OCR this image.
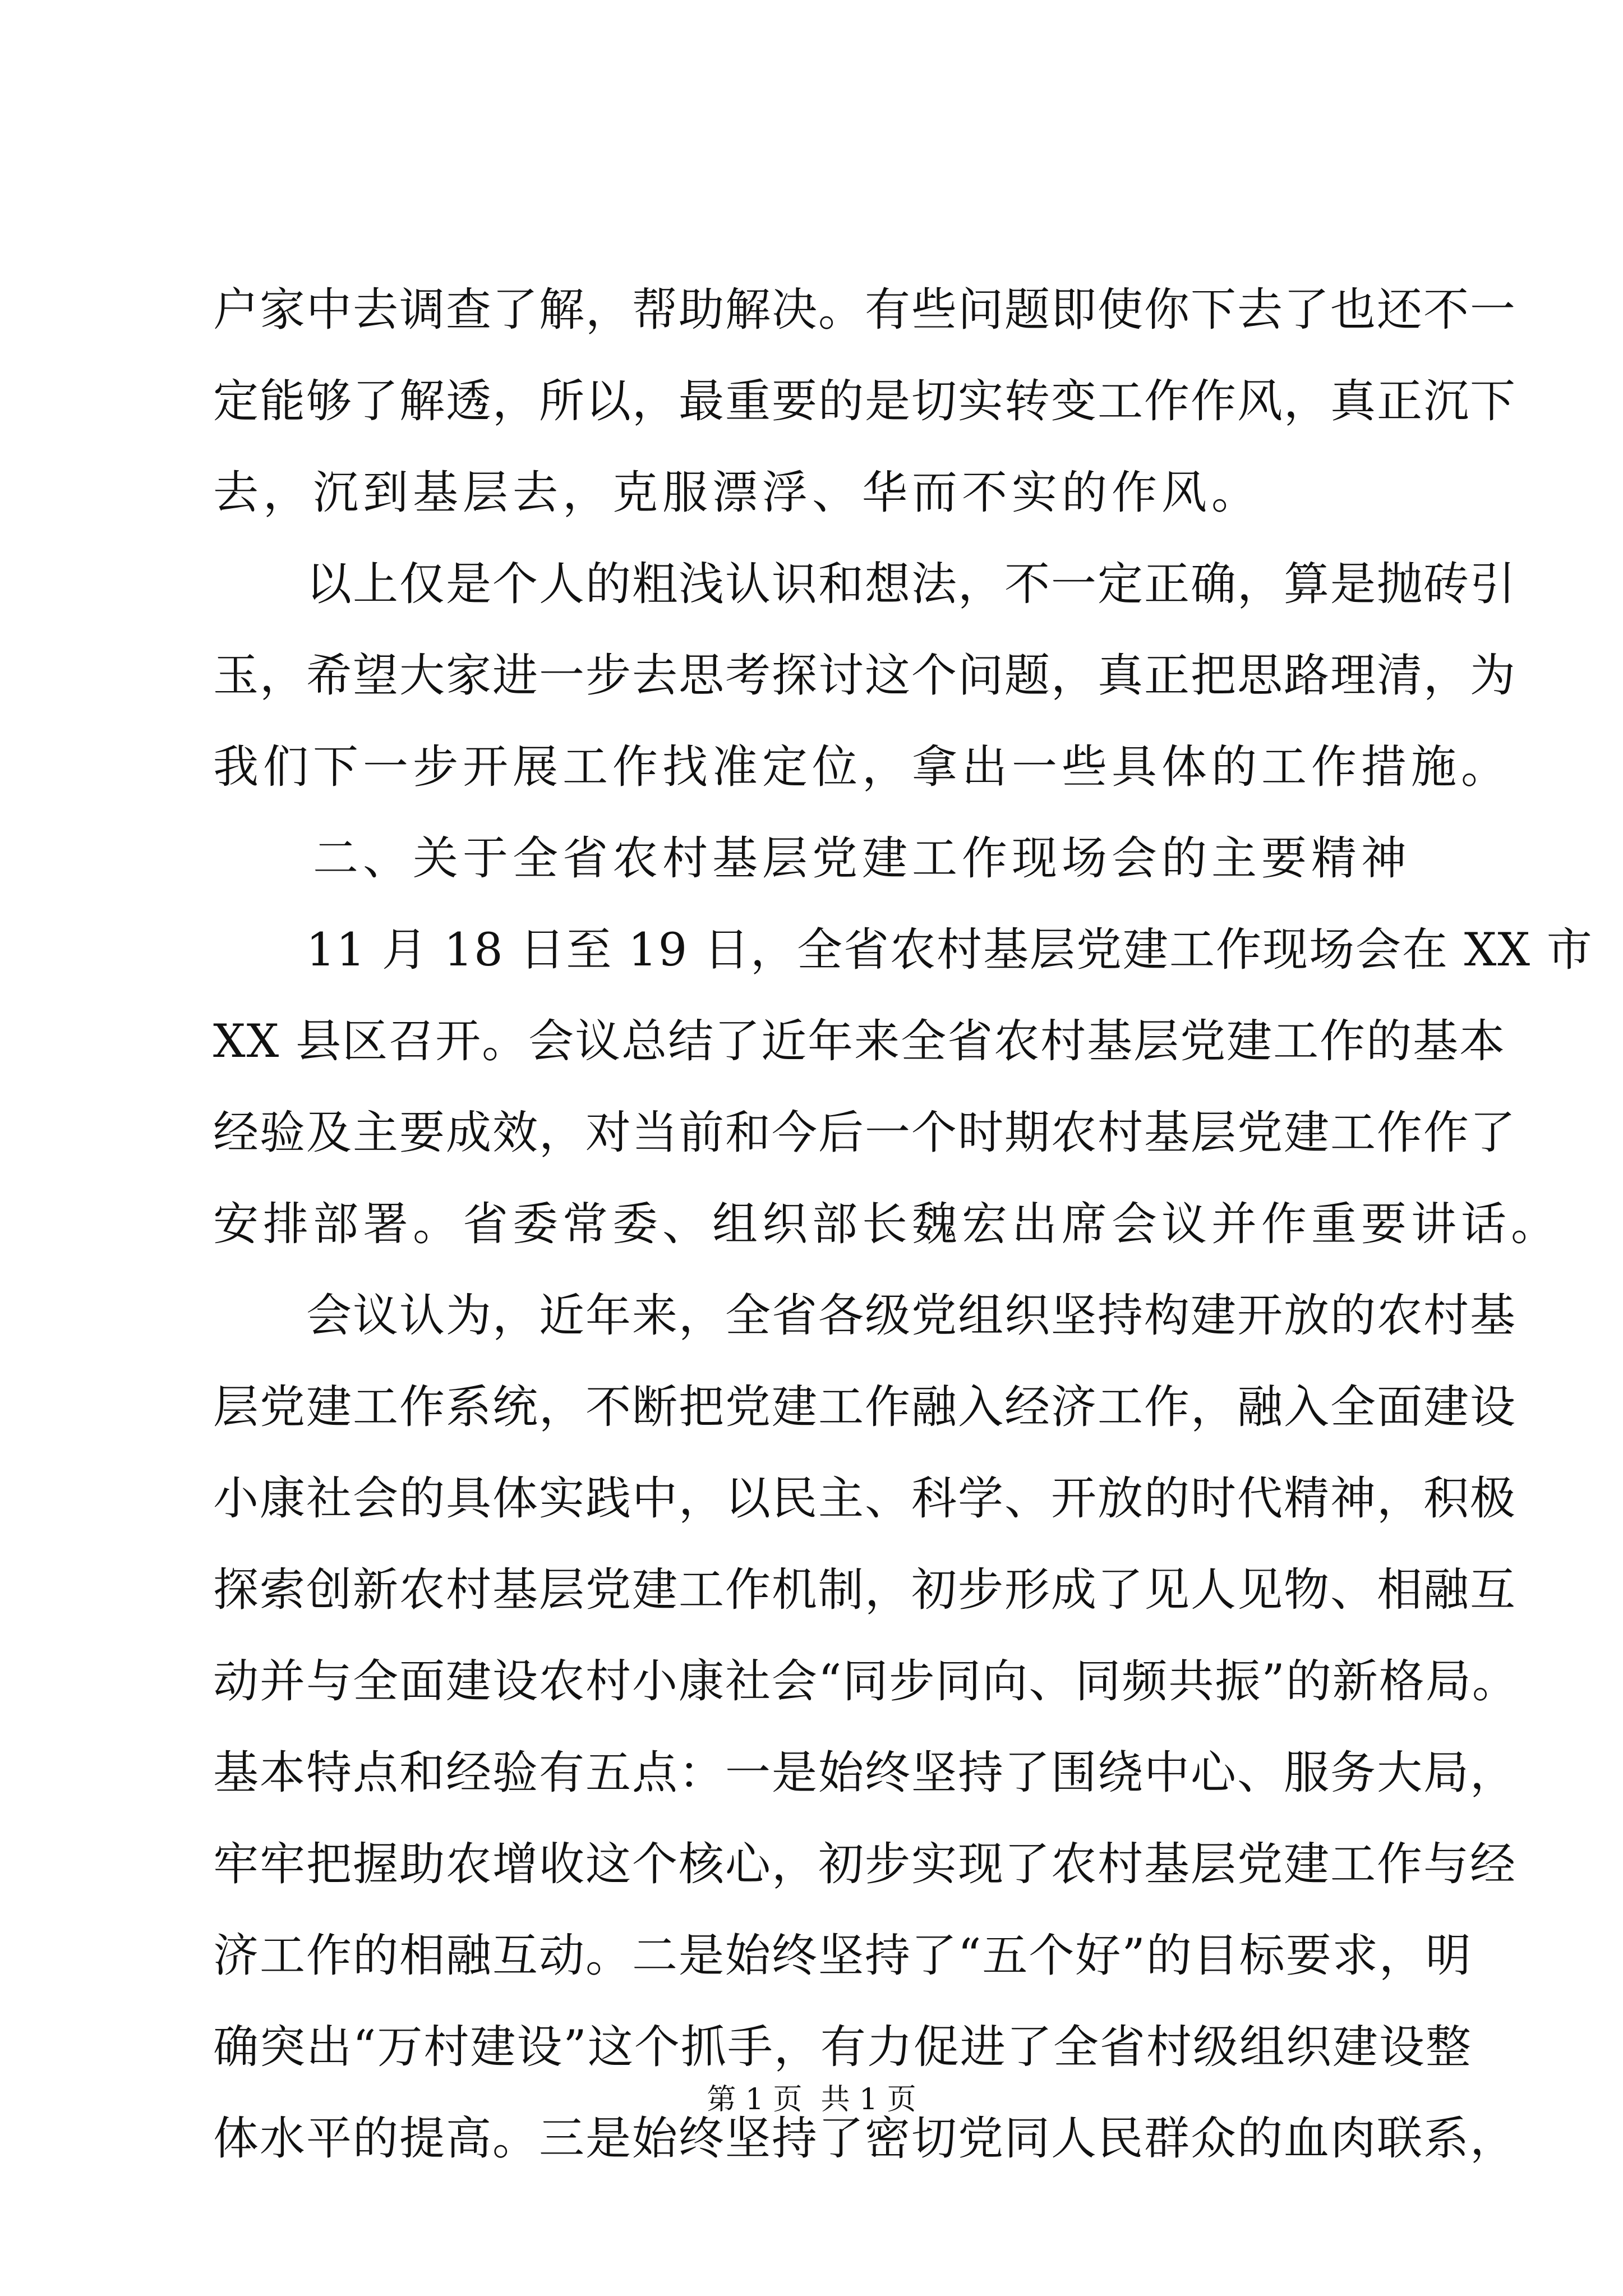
户家中去调查了解，帮助解决。有些问题即使你下去了也还不一
定能够了解透，所以，最重要的是切实转变工作作风，真正沉下
去，沉到基层去，克服漂浮、华而不实的作风。
　　以上仅是个人的粗浅认识和想法，不一定正确，算是抛砖引
玉，希望大家进一步去思考探讨这个问题，真正把思路理清，为
我们下一步开展工作找准定位，拿出一些具体的工作措施。
　　二、关于全省农村基层党建工作现场会的主要精神
　　11 月 18 日至 19 日，全省农村基层党建工作现场会在 XX 市
XX 县区召开。会议总结了近年来全省农村基层党建工作的基本
经验及主要成效，对当前和今后一个时期农村基层党建工作作了
安排部署。省委常委、组织部长魏宏出席会议并作重要讲话。
　　会议认为，近年来，全省各级党组织坚持构建开放的农村基
层党建工作系统，不断把党建工作融入经济工作，融入全面建设
小康社会的具体实践中，以民主、科学、开放的时代精神，积极
探索创新农村基层党建工作机制，初步形成了见人见物、相融互
动并与全面建设农村小康社会“同步同向、同频共振”的新格局。
基本特点和经验有五点：一是始终坚持了围绕中心、服务大局，
牢牢把握助农增收这个核心，初步实现了农村基层党建工作与经
济工作的相融互动。二是始终坚持了“五个好”的目标要求，明
确突出“万村建设”这个抓手，有力促进了全省村级组织建设整
体水平的提高。三是始终坚持了密切党同人民群众的血肉联系，
第 1 页  共 1 页
